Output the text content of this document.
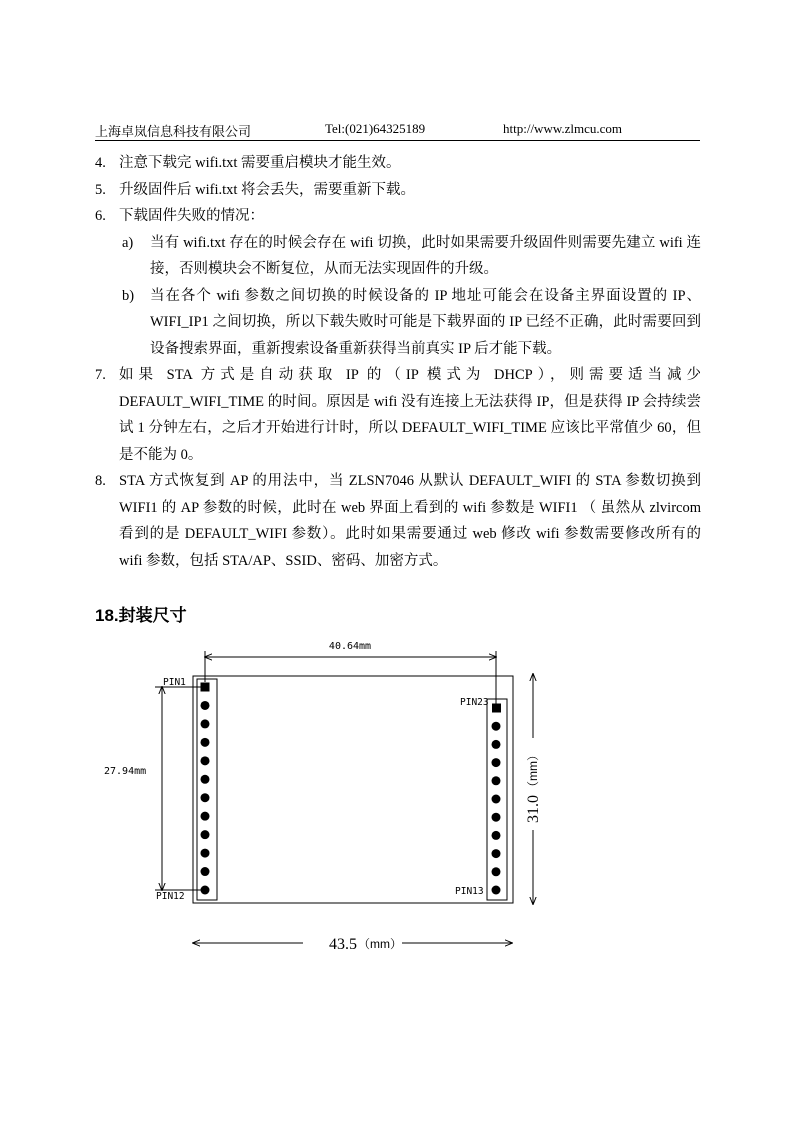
上海卓岚信息科技有限公司	Tel:(021)64325189	http://www.zlmcu.com
4. 注意下载完 wifi.txt 需要重启模块才能生效。
5. 升级固件后 wifi.txt 将会丢失，需要重新下载。
6. 下载固件失败的情况：
a) 当有 wifi.txt 存在的时候会存在 wifi 切换，此时如果需要升级固件则需要先建立 wifi 连接，否则模块会不断复位，从而无法实现固件的升级。
b) 当在各个 wifi 参数之间切换的时候设备的 IP 地址可能会在设备主界面设置的 IP、WIFI_IP1 之间切换，所以下载失败时可能是下载界面的 IP 已经不正确，此时需要回到设备搜索界面，重新搜索设备重新获得当前真实 IP 后才能下载。
7. 如果 STA 方式是自动获取 IP 的（IP 模式为 DHCP），则需要适当减少 DEFAULT_WIFI_TIME 的时间。原因是 wifi 没有连接上无法获得 IP，但是获得 IP 会持续尝试 1 分钟左右，之后才开始进行计时，所以 DEFAULT_WIFI_TIME 应该比平常值少 60，但是不能为 0。
8. STA 方式恢复到 AP 的用法中，当 ZLSN7046 从默认 DEFAULT_WIFI 的 STA 参数切换到 WIFI1 的 AP 参数的时候，此时在 web 界面上看到的 wifi 参数是 WIFI1 （ 虽然从 zlvircom 看到的是 DEFAULT_WIFI 参数）。此时如果需要通过 web 修改 wifi 参数需要修改所有的 wifi 参数，包括 STA/AP、SSID、密码、加密方式。
18.封装尺寸
40.64mm
27.94mm
31.0
（mm）
43.5 （mm）
PIN1
PIN12	PIN13
PIN23
